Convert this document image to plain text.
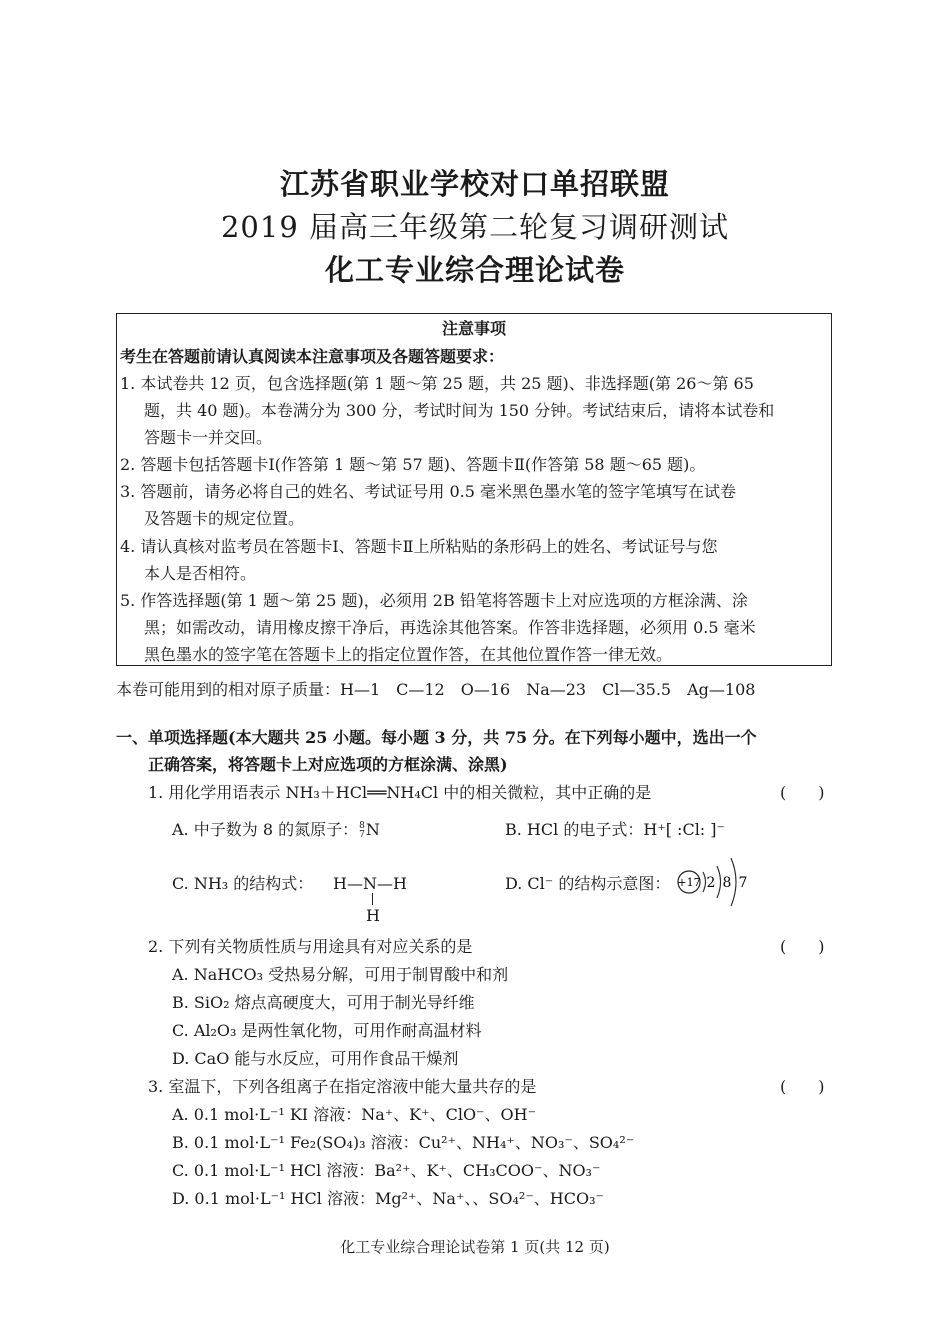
江苏省职业学校对口单招联盟
2019 届高三年级第二轮复习调研测试
化工专业综合理论试卷
注意事项
考生在答题前请认真阅读本注意事项及各题答题要求：
1. 本试卷共 12 页，包含选择题(第 1 题～第 25 题，共 25 题)、非选择题(第 26～第 65
题，共 40 题)。本卷满分为 300 分，考试时间为 150 分钟。考试结束后，请将本试卷和
答题卡一并交回。
2. 答题卡包括答题卡Ⅰ(作答第 1 题～第 57 题)、答题卡Ⅱ(作答第 58 题～65 题)。
3. 答题前，请务必将自己的姓名、考试证号用 0.5 毫米黑色墨水笔的签字笔填写在试卷
及答题卡的规定位置。
4. 请认真核对监考员在答题卡Ⅰ、答题卡Ⅱ上所粘贴的条形码上的姓名、考试证号与您
本人是否相符。
5. 作答选择题(第 1 题～第 25 题)，必须用 2B 铅笔将答题卡上对应选项的方框涂满、涂
黑；如需改动，请用橡皮擦干净后，再选涂其他答案。作答非选择题，必须用 0.5 毫米
黑色墨水的签字笔在答题卡上的指定位置作答，在其他位置作答一律无效。
本卷可能用到的相对原子质量：H—1　C—12　O—16　Na—23　Cl—35.5　Ag—108
一、单项选择题(本大题共 25 小题。每小题 3 分，共 75 分。在下列每小题中，选出一个
正确答案，将答题卡上对应选项的方框涂满、涂黑)
1. 用化学用语表示 NH₃＋HCl══NH₄Cl 中的相关微粒，其中正确的是	(　　)
A. 中子数为 8 的氮原子： 8
7 N	B. HCl 的电子式：H⁺[ :Cl: ]⁻
C. NH₃ 的结构式： H—N—H
H
D. Cl⁻ 的结构示意图： +17 2 8 7
2. 下列有关物质性质与用途具有对应关系的是	(　　)
A. NaHCO₃ 受热易分解，可用于制胃酸中和剂
B. SiO₂ 熔点高硬度大，可用于制光导纤维
C. Al₂O₃ 是两性氧化物，可用作耐高温材料
D. CaO 能与水反应，可用作食品干燥剂
3. 室温下，下列各组离子在指定溶液中能大量共存的是	(　　)
A. 0.1 mol·L⁻¹ KI 溶液：Na⁺、K⁺、ClO⁻、OH⁻
B. 0.1 mol·L⁻¹ Fe₂(SO₄)₃ 溶液：Cu²⁺、NH₄⁺、NO₃⁻、SO₄²⁻
C. 0.1 mol·L⁻¹ HCl 溶液：Ba²⁺、K⁺、CH₃COO⁻、NO₃⁻
D. 0.1 mol·L⁻¹ HCl 溶液：Mg²⁺、Na⁺、、SO₄²⁻、HCO₃⁻
化工专业综合理论试卷第 1 页(共 12 页)
